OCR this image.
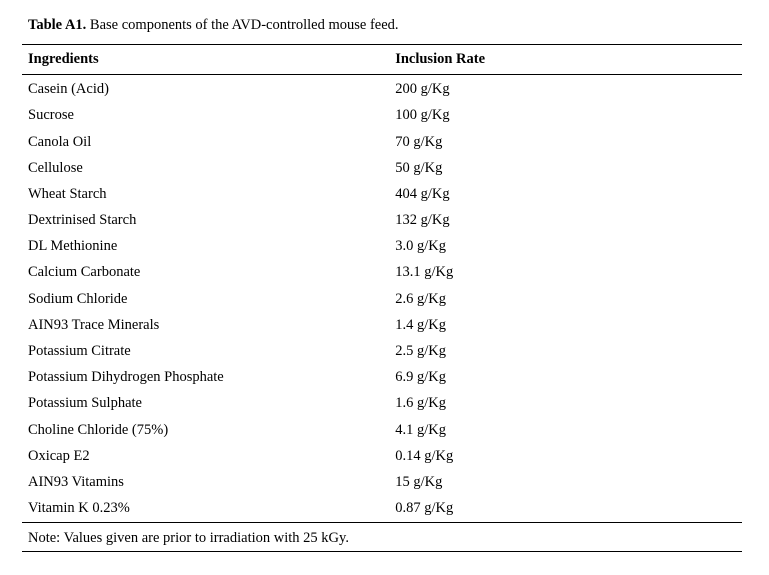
Table A1. Base components of the AVD-controlled mouse feed.
Ingredients	Inclusion Rate
Casein (Acid)	200 g/Kg
Sucrose	100 g/Kg
Canola Oil	70 g/Kg
Cellulose	50 g/Kg
Wheat Starch	404 g/Kg
Dextrinised Starch	132 g/Kg
DL Methionine	3.0 g/Kg
Calcium Carbonate	13.1 g/Kg
Sodium Chloride	2.6 g/Kg
AIN93 Trace Minerals	1.4 g/Kg
Potassium Citrate	2.5 g/Kg
Potassium Dihydrogen Phosphate	6.9 g/Kg
Potassium Sulphate	1.6 g/Kg
Choline Chloride (75%)	4.1 g/Kg
Oxicap E2	0.14 g/Kg
AIN93 Vitamins	15 g/Kg
Vitamin K 0.23%	0.87 g/Kg
Note: Values given are prior to irradiation with 25 kGy.
